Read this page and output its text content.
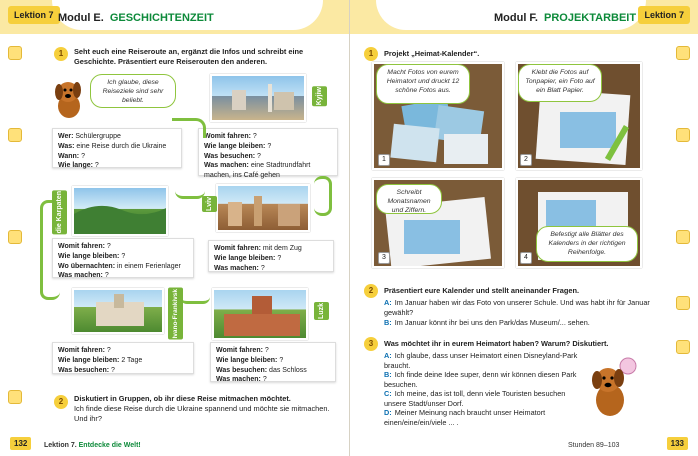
Lektion 7 Modul E. GESCHICHTENZEIT
1	Seht euch eine Reiseroute an, ergänzt die Infos und schreibt eine Geschichte. Präsentiert eure Reiserouten den anderen.
Ich glaube, diese Reiseziele sind sehr beliebt.	Kyjiw
Wer: Schülergruppe
Was: eine Reise durch die Ukraine
Wann: ?
Wie lange: ?
Womit fahren: ?
Wie lange bleiben: ?
Was besuchen: ?
Was machen: eine Stadtrundfahrt machen, ins Café gehen
die Karpaten	Lviv
Womit fahren: ?
Wie lange bleiben: ?
Wo übernachten: in einem Ferienlager
Was machen: ?
Womit fahren: mit dem Zug
Wie lange bleiben: ?
Was machen: ?
Ivano-Frankivsk	Luzk
Womit fahren: ?
Wie lange bleiben: 2 Tage
Was besuchen: ?
Womit fahren: ?
Wie lange bleiben: ?
Was besuchen: das Schloss
Was machen: ?
2	Diskutiert in Gruppen, ob ihr diese Reise mitmachen möchtet.
Ich finde diese Reise durch die Ukraine spannend und möchte sie mitmachen. Und ihr?
132	Lektion 7. Entdecke die Welt!
Modul F. PROJEKTARBEIT Lektion 7
1	Projekt „Heimat-Kalender“.
Macht Fotos von eurem Heimatort und druckt 12 schöne Fotos aus.
1
Klebt die Fotos auf Tonpapier, ein Foto auf ein Blatt Papier.
2
Schreibt Monatsnamen und Ziffern.
3
Befestigt alle Blätter des Kalenders in der richtigen Reihenfolge.
4
2	Präsentiert eure Kalender und stellt aneinander Fragen.
A: Im Januar haben wir das Foto von unserer Schule. Und was habt ihr für Januar gewählt?
B: Im Januar könnt ihr bei uns den Park/das Museum/... sehen.
3	Was möchtet ihr in eurem Heimatort haben? Warum? Diskutiert.
A: Ich glaube, dass unser Heimatort einen Disneyland-Park braucht.
B: Ich finde deine Idee super, denn wir können diesen Park besuchen.
C: Ich meine, das ist toll, denn viele Touristen besuchen unsere Stadt/unser Dorf.
D: Meiner Meinung nach braucht unser Heimatort einen/eine/ein/viele ... .
Stunden 89–103	133
